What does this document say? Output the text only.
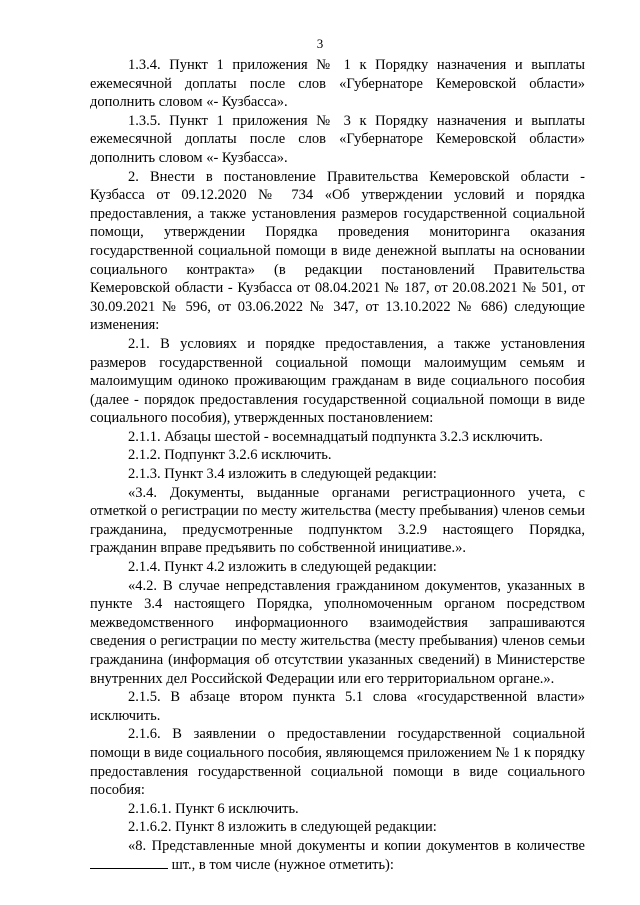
3

1.3.4. Пункт 1 приложения № 1 к Порядку назначения и выплаты ежемесячной доплаты после слов «Губернаторе Кемеровской области» дополнить словом «- Кузбасса».

1.3.5. Пункт 1 приложения № 3 к Порядку назначения и выплаты ежемесячной доплаты после слов «Губернаторе Кемеровской области» дополнить словом «- Кузбасса».

2. Внести в постановление Правительства Кемеровской области - Кузбасса от 09.12.2020 № 734 «Об утверждении условий и порядка предоставления, а также установления размеров государственной социальной помощи, утверждении Порядка проведения мониторинга оказания государственной социальной помощи в виде денежной выплаты на основании социального контракта» (в редакции постановлений Правительства Кемеровской области - Кузбасса от 08.04.2021 № 187, от 20.08.2021 № 501, от 30.09.2021 № 596, от 03.06.2022 № 347, от 13.10.2022 № 686) следующие изменения:

2.1. В условиях и порядке предоставления, а также установления размеров государственной социальной помощи малоимущим семьям и малоимущим одиноко проживающим гражданам в виде социального пособия (далее - порядок предоставления государственной социальной помощи в виде социального пособия), утвержденных постановлением:

2.1.1. Абзацы шестой - восемнадцатый подпункта 3.2.3 исключить.

2.1.2. Подпункт 3.2.6 исключить.

2.1.3. Пункт 3.4 изложить в следующей редакции:

«3.4. Документы, выданные органами регистрационного учета, с отметкой о регистрации по месту жительства (месту пребывания) членов семьи гражданина, предусмотренные подпунктом 3.2.9 настоящего Порядка, гражданин вправе предъявить по собственной инициативе.».

2.1.4. Пункт 4.2 изложить в следующей редакции:

«4.2. В случае непредставления гражданином документов, указанных в пункте 3.4 настоящего Порядка, уполномоченным органом посредством межведомственного информационного взаимодействия запрашиваются сведения о регистрации по месту жительства (месту пребывания) членов семьи гражданина (информация об отсутствии указанных сведений) в Министерстве внутренних дел Российской Федерации или его территориальном органе.».

2.1.5. В абзаце втором пункта 5.1 слова «государственной власти» исключить.

2.1.6. В заявлении о предоставлении государственной социальной помощи в виде социального пособия, являющемся приложением № 1 к порядку предоставления государственной социальной помощи в виде социального пособия:

2.1.6.1. Пункт 6 исключить.

2.1.6.2. Пункт 8 изложить в следующей редакции:

«8. Представленные мной документы и копии документов в количестве шт., в том числе (нужное отметить):
